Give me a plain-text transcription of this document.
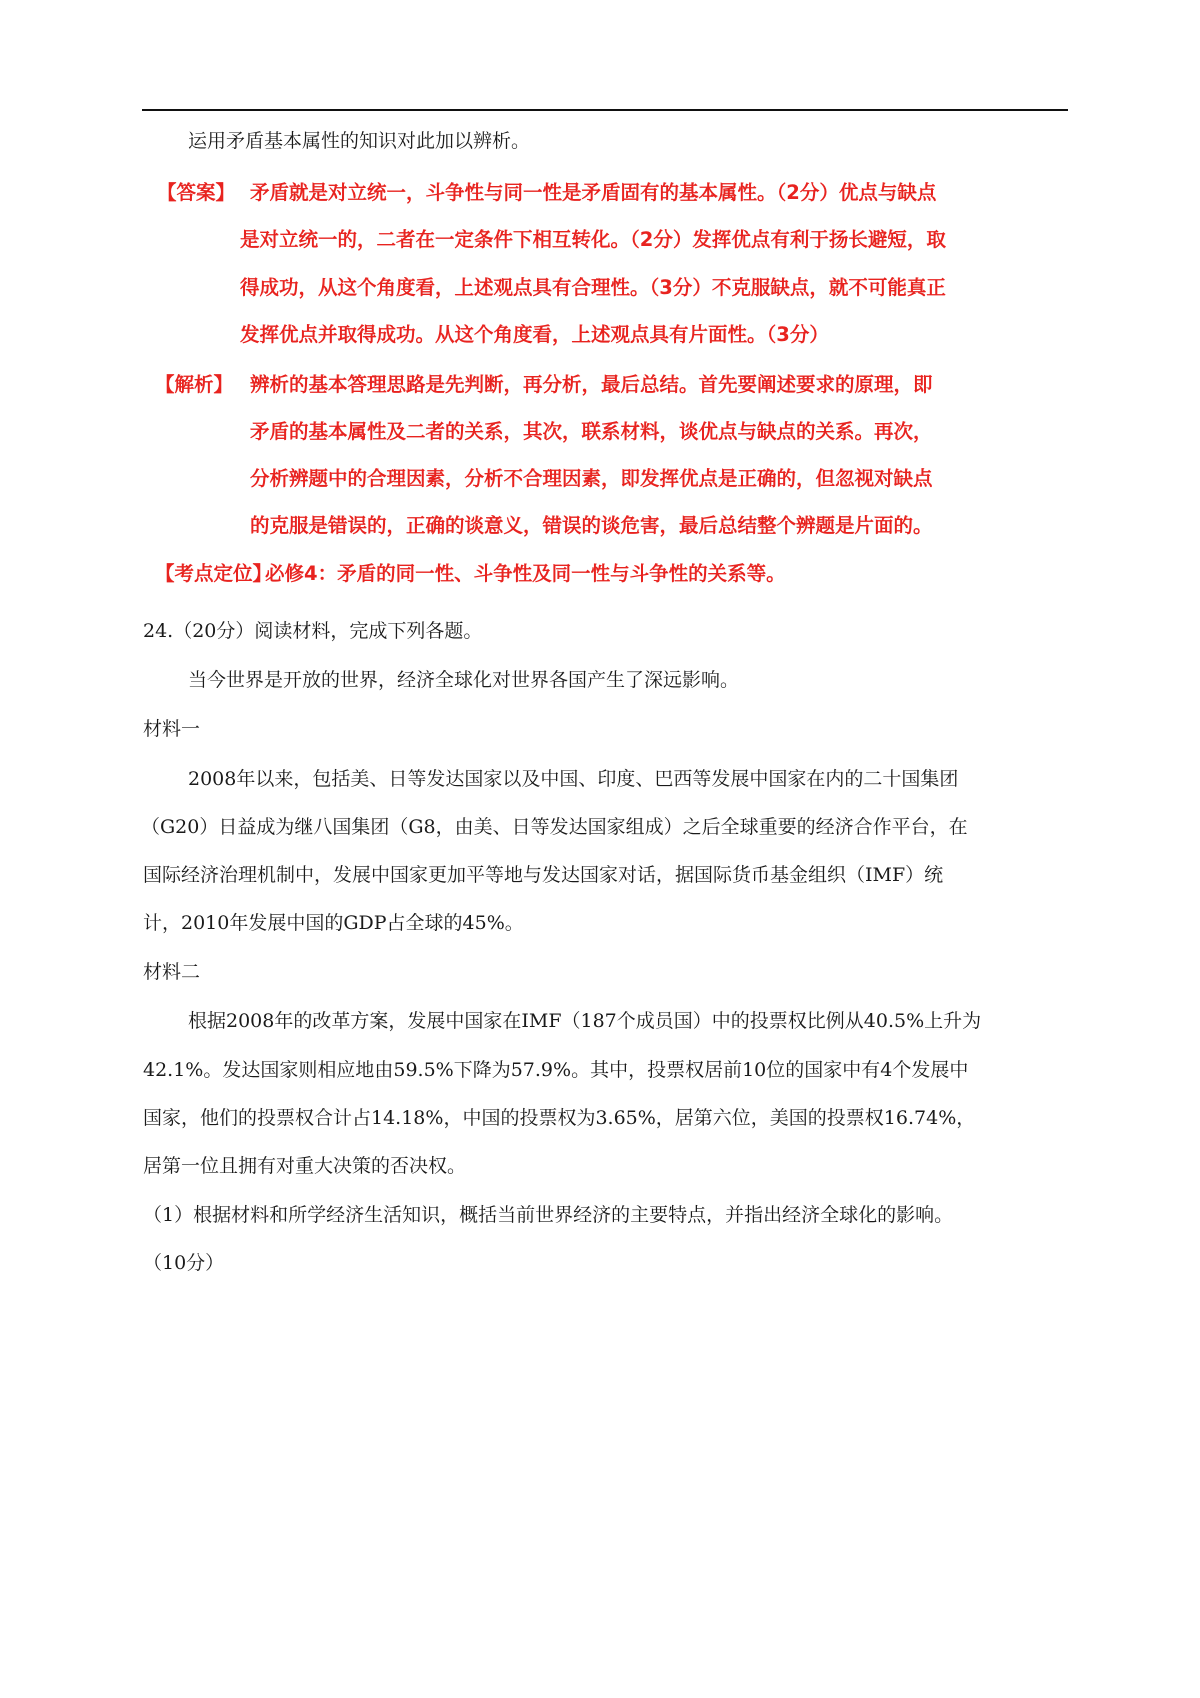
运用矛盾基本属性的知识对此加以辨析。
【答案】 矛盾就是对立统一，斗争性与同一性是矛盾固有的基本属性。（2分）优点与缺点
是对立统一的，二者在一定条件下相互转化。（2分）发挥优点有利于扬长避短，取
得成功，从这个角度看，上述观点具有合理性。（3分）不克服缺点，就不可能真正
发挥优点并取得成功。从这个角度看，上述观点具有片面性。（3分）
【解析】 辨析的基本答理思路是先判断，再分析，最后总结。首先要阐述要求的原理，即
矛盾的基本属性及二者的关系，其次，联系材料，谈优点与缺点的关系。再次，
分析辨题中的合理因素，分析不合理因素，即发挥优点是正确的，但忽视对缺点
的克服是错误的，正确的谈意义，错误的谈危害，最后总结整个辨题是片面的。
【考点定位】
必修4：矛盾的同一性、斗争性及同一性与斗争性的关系等。
24.（20分）阅读材料，完成下列各题。
当今世界是开放的世界，经济全球化对世界各国产生了深远影响。
材料一
2008年以来，包括美、日等发达国家以及中国、印度、巴西等发展中国家在内的二十国集团
（G20）日益成为继八国集团（G8，由美、日等发达国家组成）之后全球重要的经济合作平台，在
国际经济治理机制中，发展中国家更加平等地与发达国家对话，据国际货币基金组织（IMF）统
计，2010年发展中国的GDP占全球的45%。
材料二
根据2008年的改革方案，发展中国家在IMF（187个成员国）中的投票权比例从40.5%上升为
42.1%。发达国家则相应地由59.5%下降为57.9%。其中，投票权居前10位的国家中有4个发展中
国家，他们的投票权合计占14.18%，中国的投票权为3.65%，居第六位，美国的投票权16.74%，
居第一位且拥有对重大决策的否决权。
（1）根据材料和所学经济生活知识，概括当前世界经济的主要特点，并指出经济全球化的影响。
（10分）
